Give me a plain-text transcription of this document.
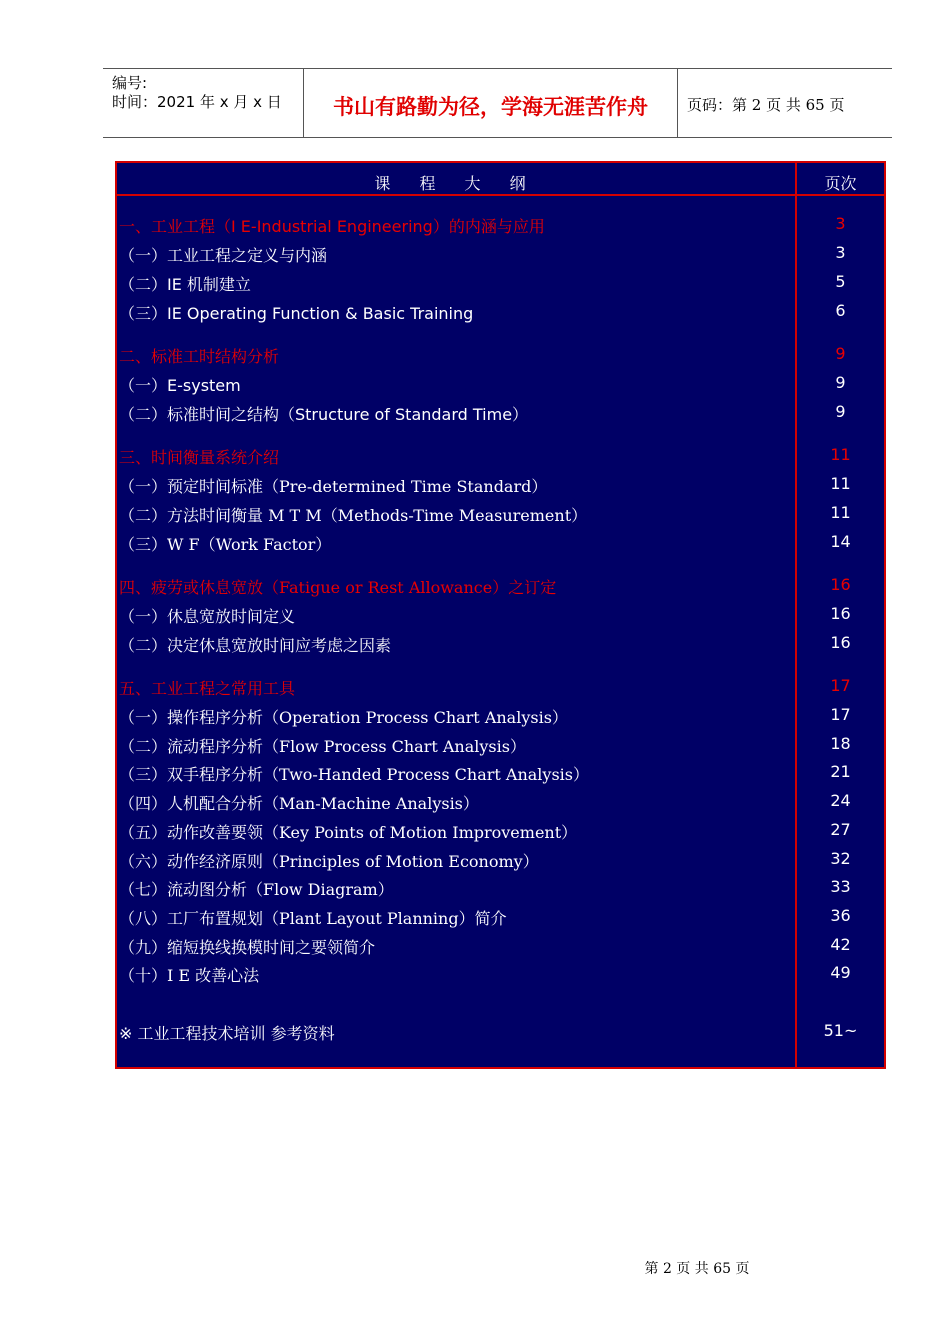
编号:
时间：2021 年 x 月 x 日	书山有路勤为径，学海无涯苦作舟	页码：第 2 页 共 65 页
课 程 大 纲	页次
一、工业工程（I E-Industrial Engineering）的内涵与应用	3
（一）工业工程之定义与内涵	3
（二）IE 机制建立	5
（三）IE Operating Function & Basic Training	6
二、标准工时结构分析	9
（一）E-system	9
（二）标准时间之结构（Structure of Standard Time）	9
三、时间衡量系统介绍	11
（一）预定时间标准（Pre-determined Time Standard）	11
（二）方法时间衡量 M T M（Methods-Time Measurement）	11
（三）W F（Work Factor）	14
四、疲劳或休息宽放（Fatigue or Rest Allowance）之订定	16
（一）休息宽放时间定义	16
（二）决定休息宽放时间应考虑之因素	16
五、工业工程之常用工具	17
（一）操作程序分析（Operation Process Chart Analysis）	17
（二）流动程序分析（Flow Process Chart Analysis）	18
（三）双手程序分析（Two-Handed Process Chart Analysis）	21
（四）人机配合分析（Man-Machine Analysis）	24
（五）动作改善要领（Key Points of Motion Improvement）	27
（六）动作经济原则（Principles of Motion Economy）	32
（七）流动图分析（Flow Diagram）	33
（八）工厂布置规划（Plant Layout Planning）简介	36
（九）缩短换线换模时间之要领简介	42
（十）I E 改善心法	49
※ 工业工程技术培训 参考资料	51~
第 2 页 共 65 页
